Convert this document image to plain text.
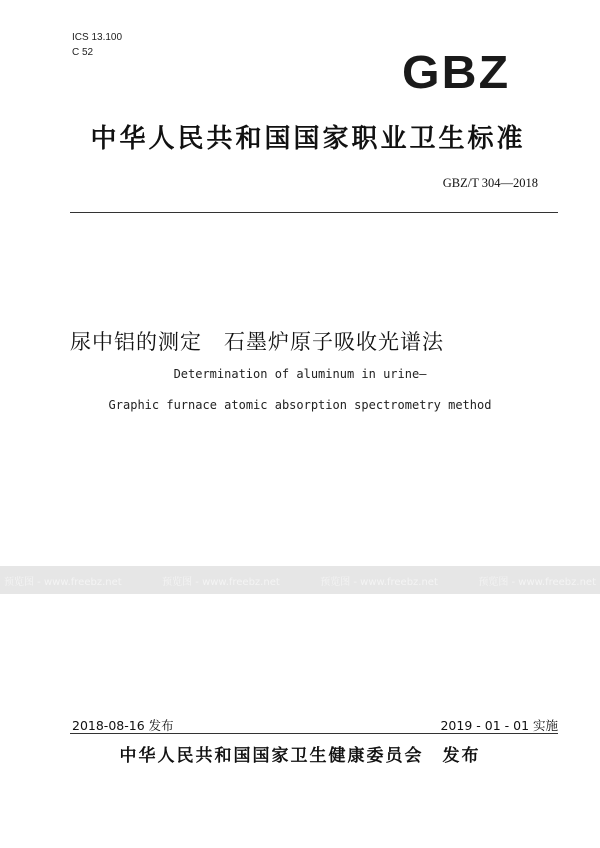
ICS 13.100
C 52	GBZ
中华人民共和国国家职业卫生标准
GBZ/T 304—2018
尿中铝的测定　石墨炉原子吸收光谱法
Determination of aluminum in urine—
Graphic furnace atomic absorption spectrometry method
预览图 - www.freebz.net	预览图 - www.freebz.net	预览图 - www.freebz.net	预览图 - www.freebz.net
2018-08-16 发布	2019 - 01 - 01 实施
中华人民共和国国家卫生健康委员会　发布
